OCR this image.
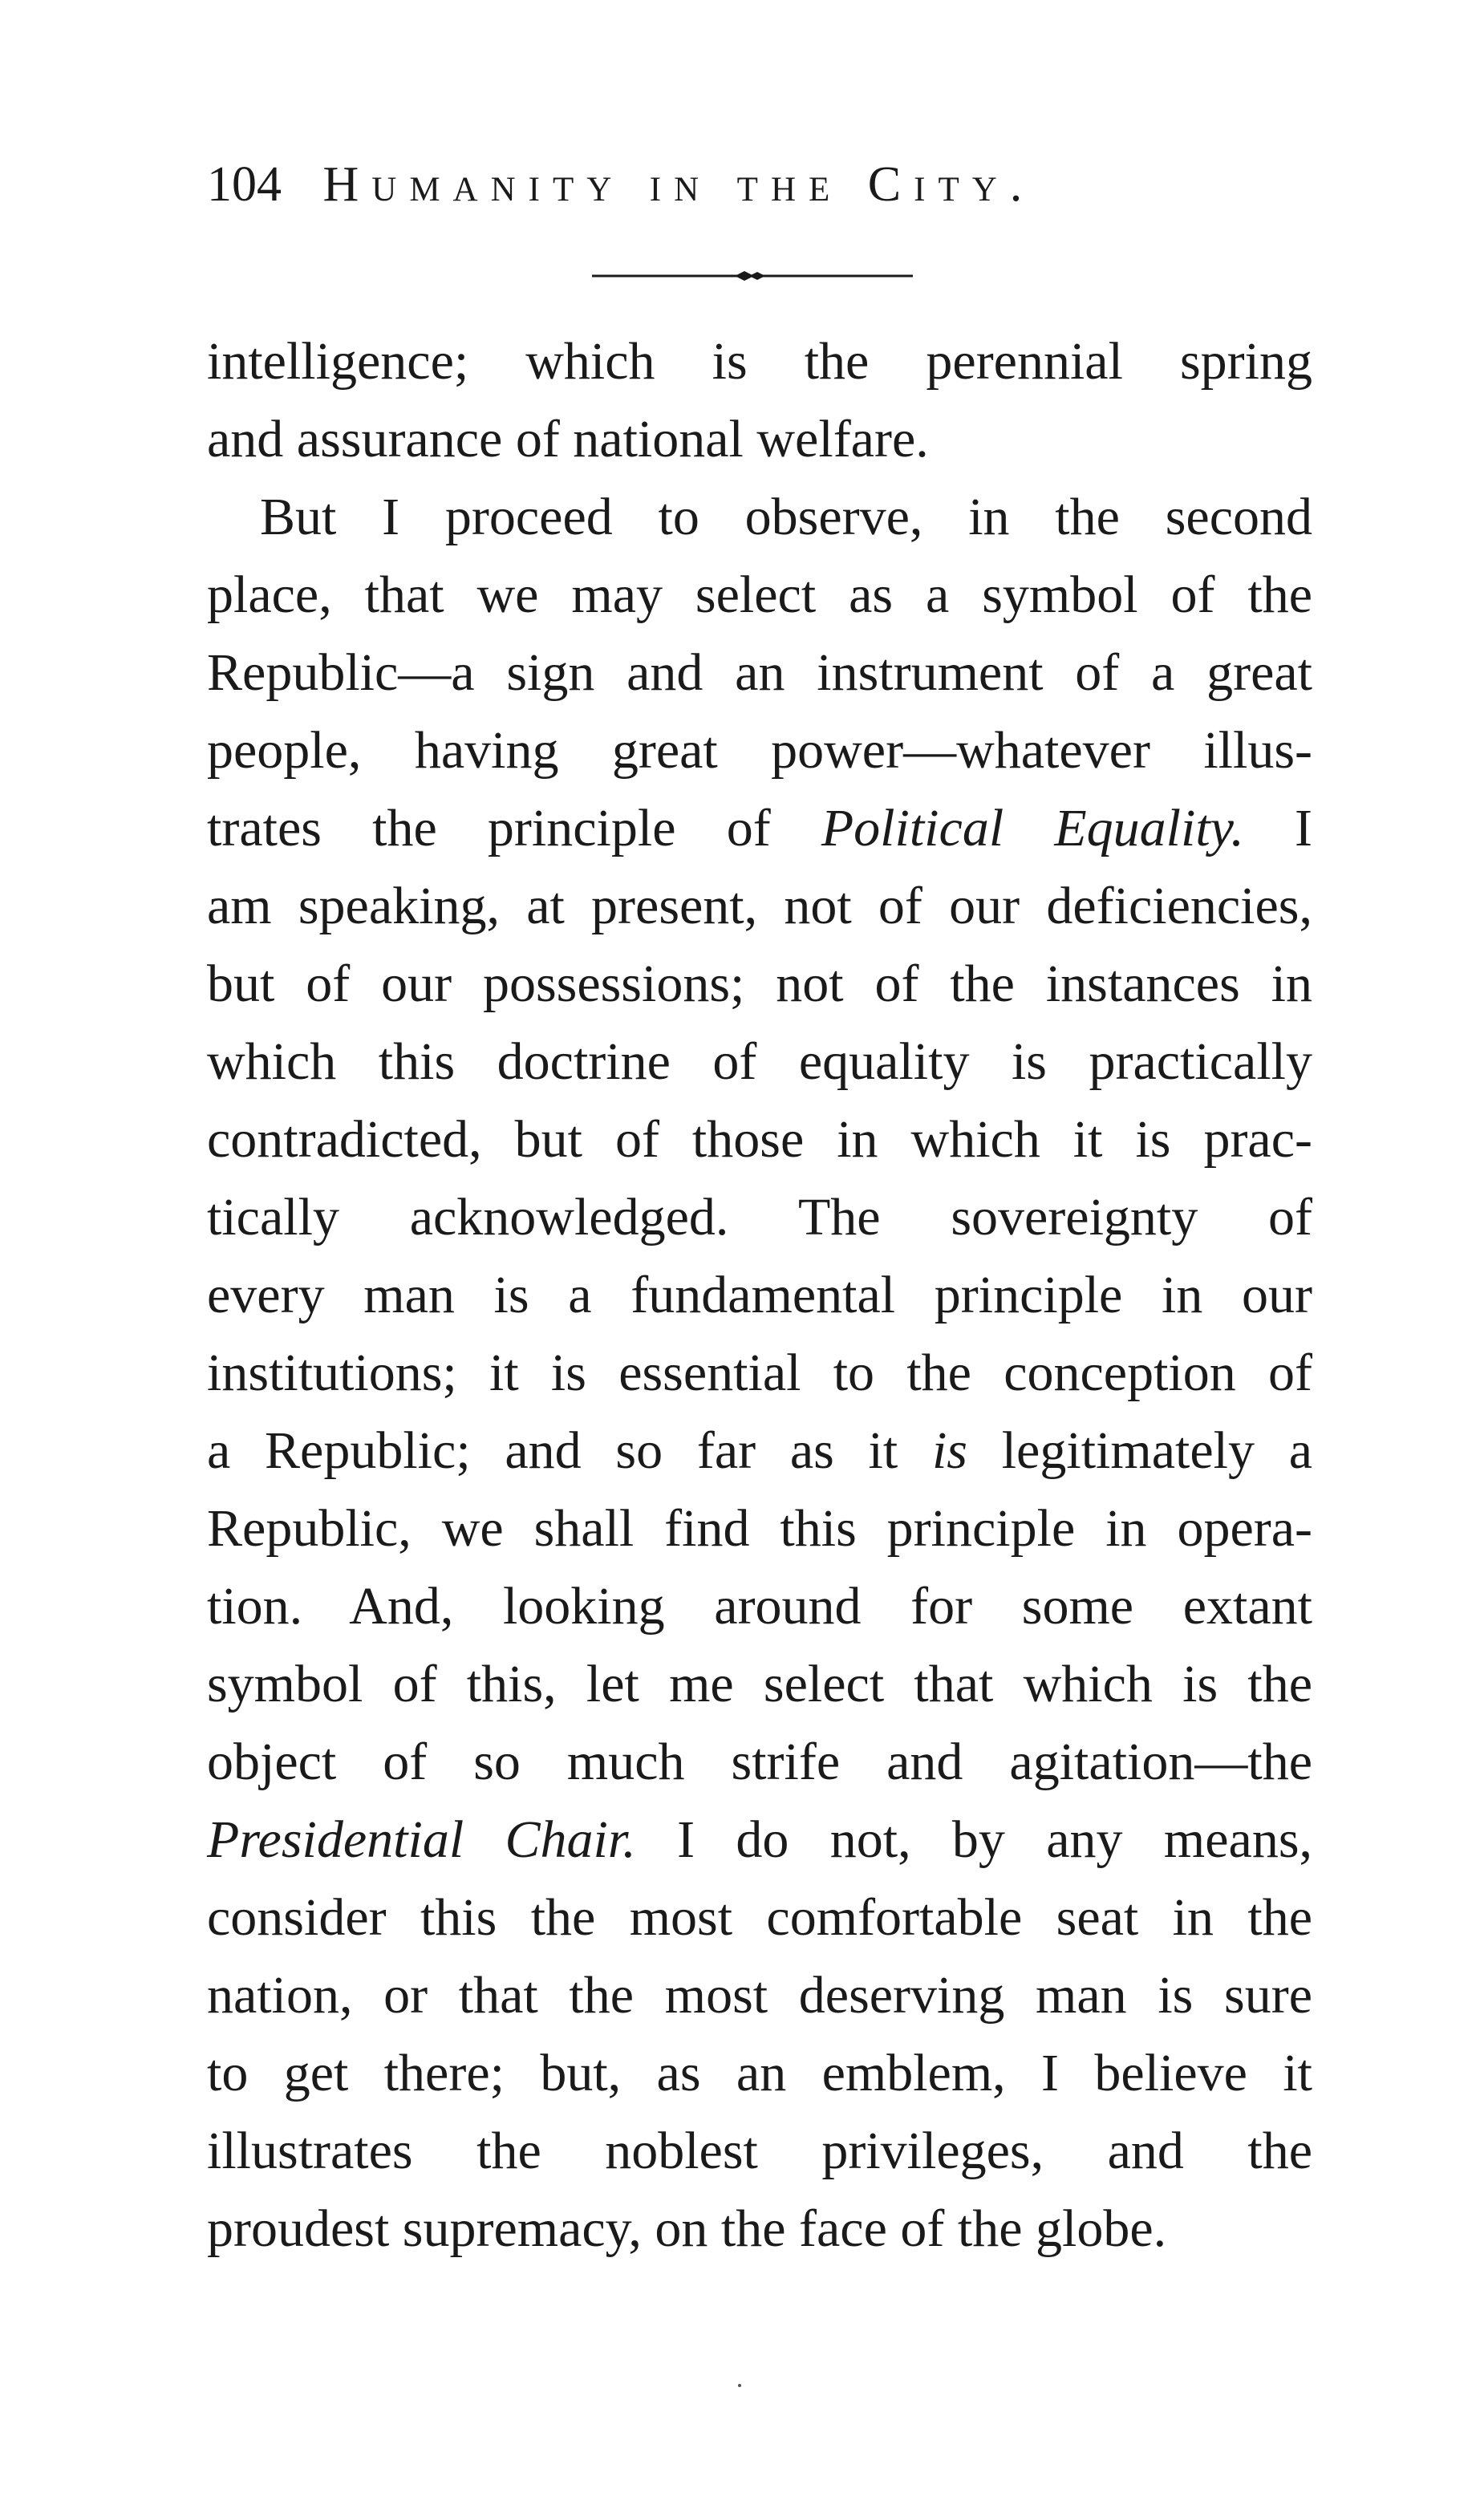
104 Humanity in the City.
intelligence; which is the perennial spring
and assurance of national welfare.
But I proceed to observe, in the second
place, that we may select as a symbol of the
Republic—a sign and an instrument of a great
people, having great power—whatever illus-
trates the principle of Political Equality. I
am speaking, at present, not of our deficiencies,
but of our possessions; not of the instances in
which this doctrine of equality is practically
contradicted, but of those in which it is prac-
tically acknowledged. The sovereignty of
every man is a fundamental principle in our
institutions; it is essential to the conception of
a Republic; and so far as it is legitimately a
Republic, we shall find this principle in opera-
tion. And, looking around for some extant
symbol of this, let me select that which is the
object of so much strife and agitation—the
Presidential Chair. I do not, by any means,
consider this the most comfortable seat in the
nation, or that the most deserving man is sure
to get there; but, as an emblem, I believe it
illustrates the noblest privileges, and the
proudest supremacy, on the face of the globe.
